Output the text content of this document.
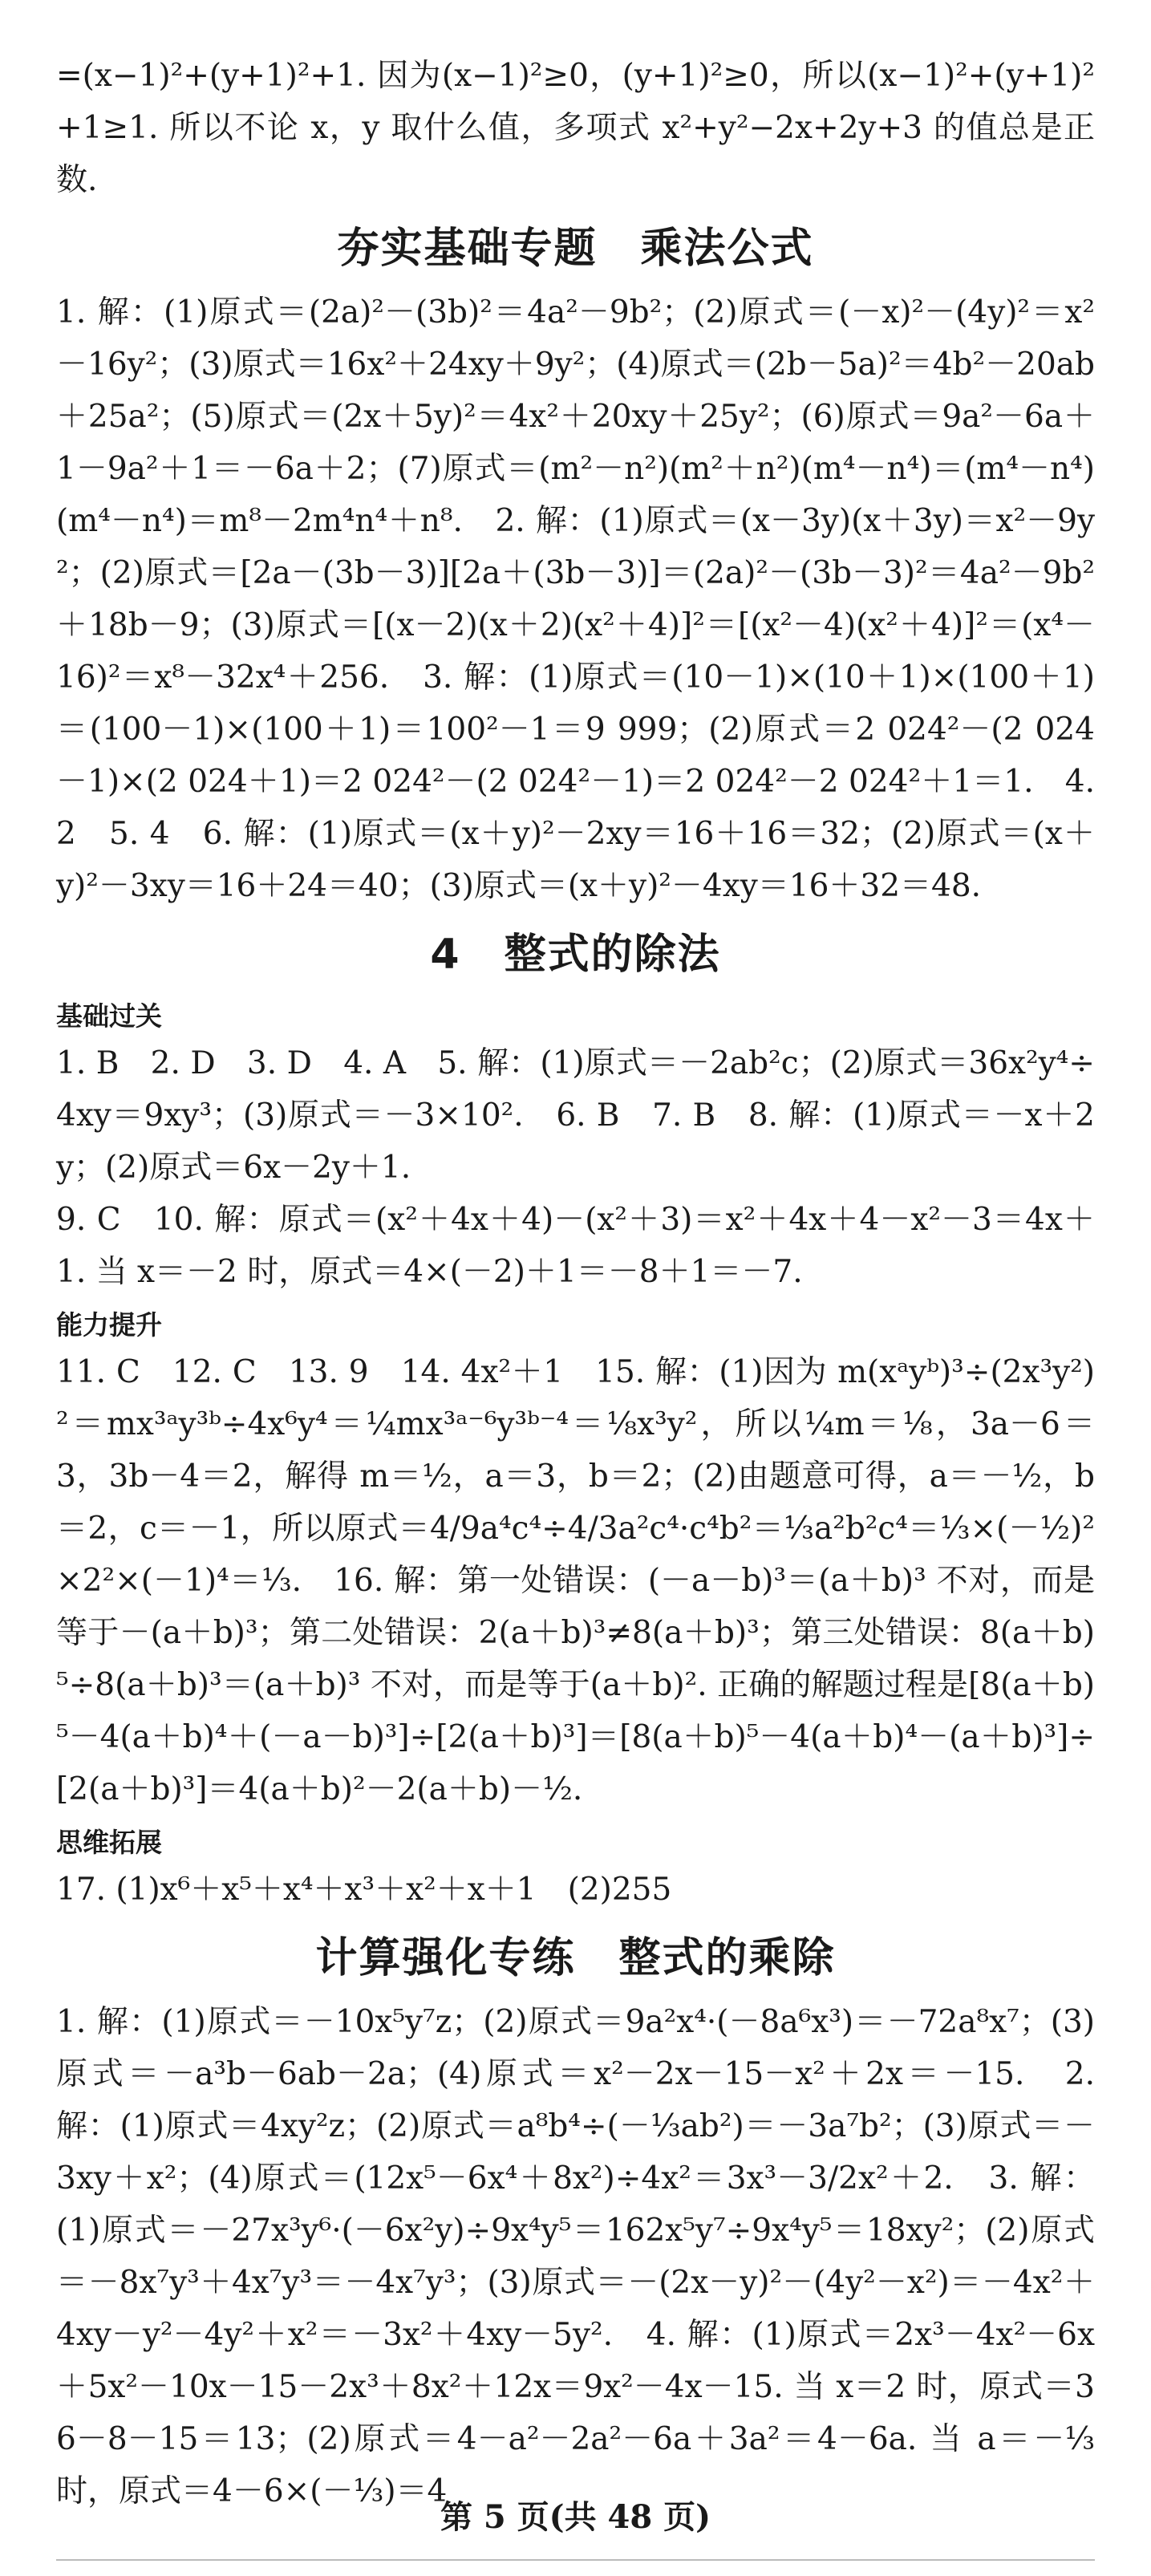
=(x−1)²+(y+1)²+1. 因为(x−1)²≥0，(y+1)²≥0，所以(x−1)²+(y+1)²+1≥1. 所以不论 x，y 取什么值，多项式 x²+y²−2x+2y+3 的值总是正数.

夯实基础专题　乘法公式

1. 解：(1)原式＝(2a)²－(3b)²＝4a²－9b²；(2)原式＝(－x)²－(4y)²＝x²－16y²；(3)原式＝16x²＋24xy＋9y²；(4)原式＝(2b－5a)²＝4b²－20ab＋25a²；(5)原式＝(2x＋5y)²＝4x²＋20xy＋25y²；(6)原式＝9a²－6a＋1－9a²＋1＝－6a＋2；(7)原式＝(m²－n²)(m²＋n²)(m⁴－n⁴)＝(m⁴－n⁴)(m⁴－n⁴)＝m⁸－2m⁴n⁴＋n⁸.　2. 解：(1)原式＝(x－3y)(x＋3y)＝x²－9y²；(2)原式＝[2a－(3b－3)][2a＋(3b－3)]＝(2a)²－(3b－3)²＝4a²－9b²＋18b－9；(3)原式＝[(x－2)(x＋2)(x²＋4)]²＝[(x²－4)(x²＋4)]²＝(x⁴－16)²＝x⁸－32x⁴＋256.　3. 解：(1)原式＝(10－1)×(10＋1)×(100＋1)＝(100－1)×(100＋1)＝100²－1＝9 999；(2)原式＝2 024²－(2 024－1)×(2 024＋1)＝2 024²－(2 024²－1)＝2 024²－2 024²＋1＝1.　4. 2　5. 4　6. 解：(1)原式＝(x＋y)²－2xy＝16＋16＝32；(2)原式＝(x＋y)²－3xy＝16＋24＝40；(3)原式＝(x＋y)²－4xy＝16＋32＝48.

4　整式的除法
基础过关

1. B　2. D　3. D　4. A　5. 解：(1)原式＝－2ab²c；(2)原式＝36x²y⁴÷4xy＝9xy³；(3)原式＝－3×10².　6. B　7. B　8. 解：(1)原式＝－x＋2y；(2)原式＝6x－2y＋1.

9. C　10. 解：原式＝(x²＋4x＋4)－(x²＋3)＝x²＋4x＋4－x²－3＝4x＋1. 当 x＝－2 时，原式＝4×(－2)＋1＝－8＋1＝－7.

能力提升

11. C　12. C　13. 9　14. 4x²＋1　15. 解：(1)因为 m(xᵃyᵇ)³÷(2x³y²)²＝mx³ᵃy³ᵇ÷4x⁶y⁴＝¼mx³ᵃ⁻⁶y³ᵇ⁻⁴＝⅛x³y²，所以¼m＝⅛，3a－6＝3，3b－4＝2，解得 m＝½，a＝3，b＝2；(2)由题意可得，a＝－½，b＝2，c＝－1，所以原式＝4/9a⁴c⁴÷4/3a²c⁴·c⁴b²＝⅓a²b²c⁴＝⅓×(－½)²×2²×(－1)⁴＝⅓.　16. 解：第一处错误：(－a－b)³＝(a＋b)³ 不对，而是等于－(a＋b)³；第二处错误：2(a＋b)³≠8(a＋b)³；第三处错误：8(a＋b)⁵÷8(a＋b)³＝(a＋b)³ 不对，而是等于(a＋b)². 正确的解题过程是[8(a＋b)⁵－4(a＋b)⁴＋(－a－b)³]÷[2(a＋b)³]＝[8(a＋b)⁵－4(a＋b)⁴－(a＋b)³]÷[2(a＋b)³]＝4(a＋b)²－2(a＋b)－½.

思维拓展

17. (1)x⁶＋x⁵＋x⁴＋x³＋x²＋x＋1　(2)255

计算强化专练　整式的乘除

1. 解：(1)原式＝－10x⁵y⁷z；(2)原式＝9a²x⁴·(－8a⁶x³)＝－72a⁸x⁷；(3)原式＝－a³b－6ab－2a；(4)原式＝x²－2x－15－x²＋2x＝－15.　2. 解：(1)原式＝4xy²z；(2)原式＝a⁸b⁴÷(－⅓ab²)＝－3a⁷b²；(3)原式＝－3xy＋x²；(4)原式＝(12x⁵－6x⁴＋8x²)÷4x²＝3x³－3/2x²＋2.　3. 解：(1)原式＝－27x³y⁶·(－6x²y)÷9x⁴y⁵＝162x⁵y⁷÷9x⁴y⁵＝18xy²；(2)原式＝－8x⁷y³＋4x⁷y³＝－4x⁷y³；(3)原式＝－(2x－y)²－(4y²－x²)＝－4x²＋4xy－y²－4y²＋x²＝－3x²＋4xy－5y².　4. 解：(1)原式＝2x³－4x²－6x＋5x²－10x－15－2x³＋8x²＋12x＝9x²－4x－15. 当 x＝2 时，原式＝36－8－15＝13；(2)原式＝4－a²－2a²－6a＋3a²＝4－6a. 当 a＝－⅓时，原式＝4－6×(－⅓)＝4

第 5 页(共 48 页)
